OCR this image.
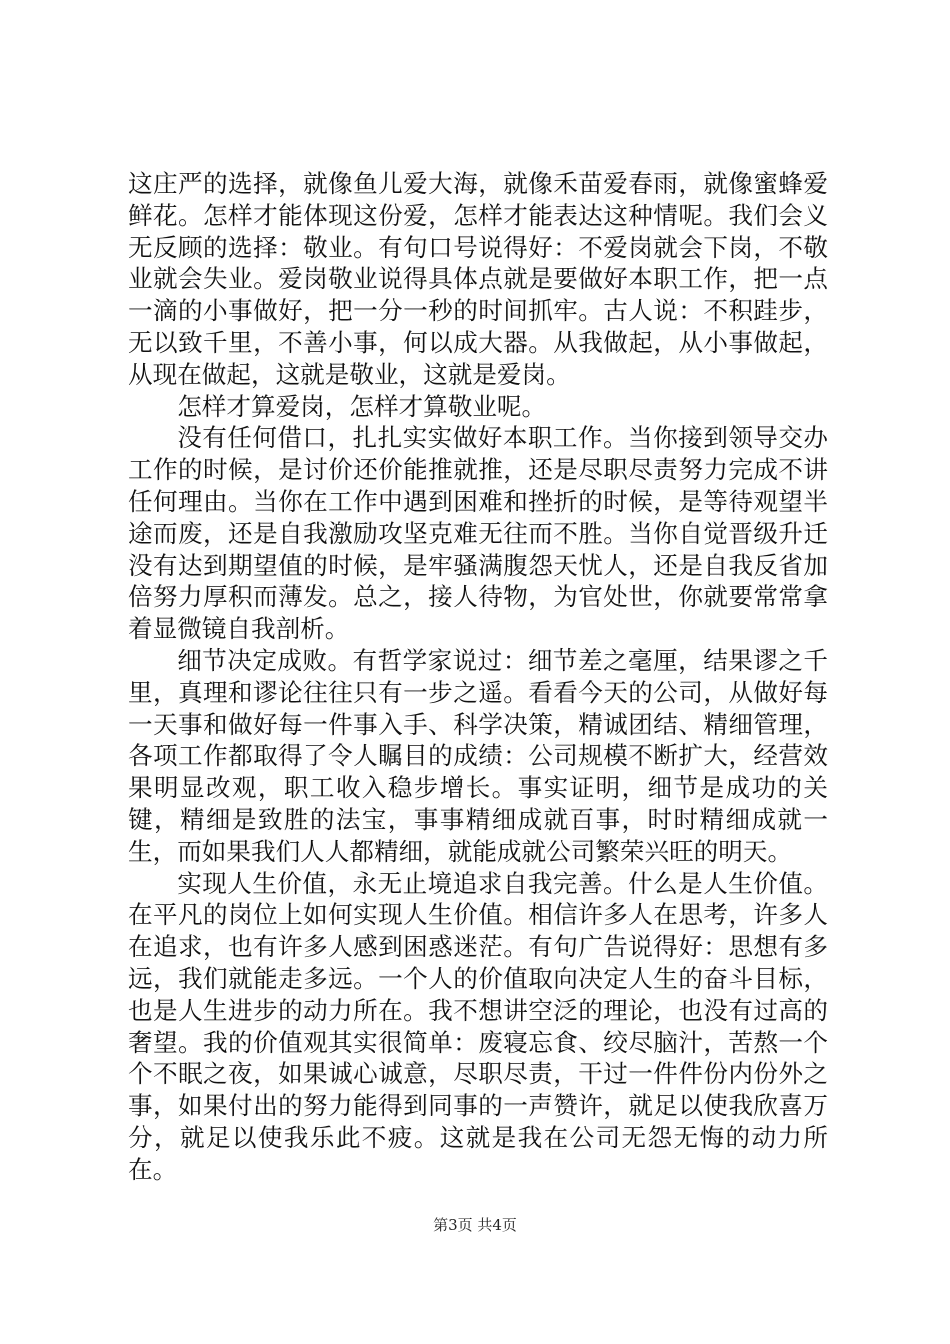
这庄严的选择，就像鱼儿爱大海，就像禾苗爱春雨，就像蜜蜂爱鲜花。怎样才能体现这份爱，怎样才能表达这种情呢。我们会义无反顾的选择：敬业。有句口号说得好：不爱岗就会下岗，不敬业就会失业。爱岗敬业说得具体点就是要做好本职工作，把一点一滴的小事做好，把一分一秒的时间抓牢。古人说：不积跬步，无以致千里，不善小事，何以成大器。从我做起，从小事做起，从现在做起，这就是敬业，这就是爱岗。

怎样才算爱岗，怎样才算敬业呢。

没有任何借口，扎扎实实做好本职工作。当你接到领导交办工作的时候，是讨价还价能推就推，还是尽职尽责努力完成不讲任何理由。当你在工作中遇到困难和挫折的时候，是等待观望半途而废，还是自我激励攻坚克难无往而不胜。当你自觉晋级升迁没有达到期望值的时候，是牢骚满腹怨天忧人，还是自我反省加倍努力厚积而薄发。总之，接人待物，为官处世，你就要常常拿着显微镜自我剖析。

细节决定成败。有哲学家说过：细节差之毫厘，结果谬之千里，真理和谬论往往只有一步之遥。看看今天的公司，从做好每一天事和做好每一件事入手、科学决策，精诚团结、精细管理，各项工作都取得了令人瞩目的成绩：公司规模不断扩大，经营效果明显改观，职工收入稳步增长。事实证明，细节是成功的关键，精细是致胜的法宝，事事精细成就百事，时时精细成就一生，而如果我们人人都精细，就能成就公司繁荣兴旺的明天。

实现人生价值，永无止境追求自我完善。什么是人生价值。在平凡的岗位上如何实现人生价值。相信许多人在思考，许多人在追求，也有许多人感到困惑迷茫。有句广告说得好：思想有多远，我们就能走多远。一个人的价值取向决定人生的奋斗目标，也是人生进步的动力所在。我不想讲空泛的理论，也没有过高的奢望。我的价值观其实很简单：废寝忘食、绞尽脑汁，苦熬一个个不眠之夜，如果诚心诚意，尽职尽责，干过一件件份内份外之事，如果付出的努力能得到同事的一声赞许，就足以使我欣喜万分，就足以使我乐此不疲。这就是我在公司无怨无悔的动力所在。

第3页 共4页
